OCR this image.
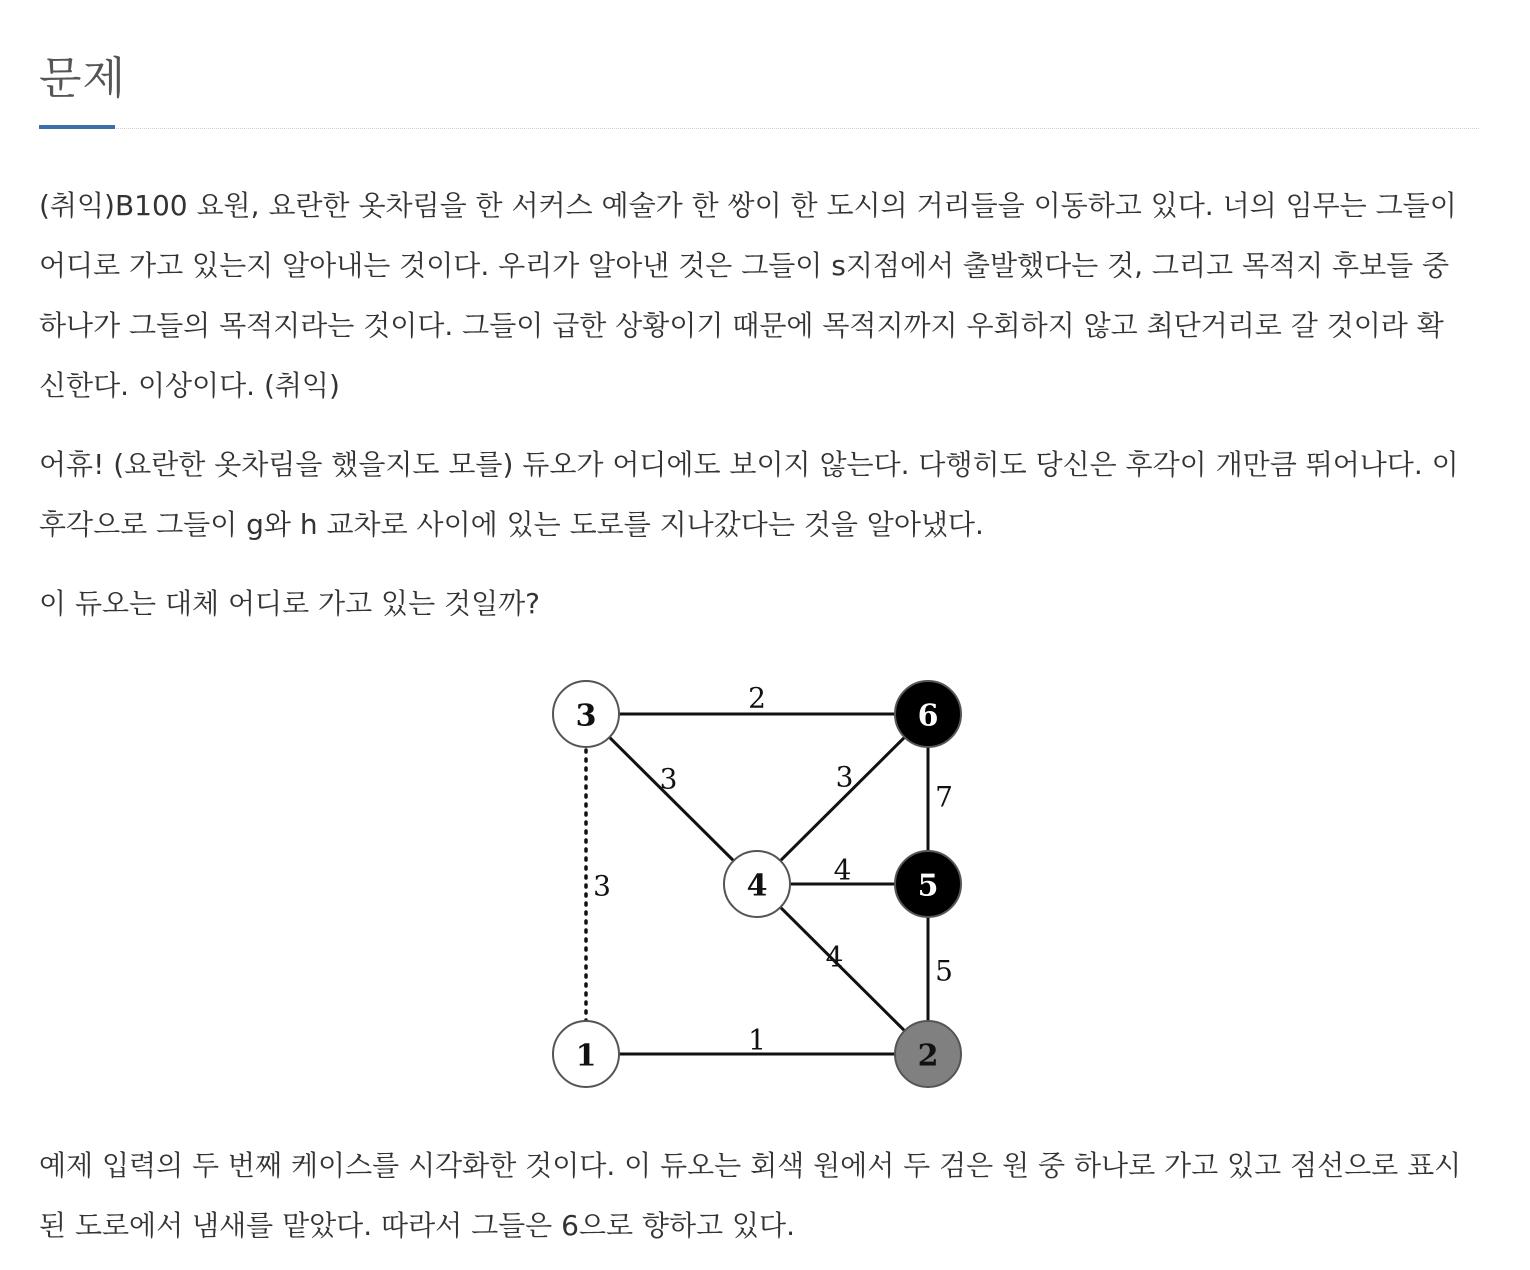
문제

(취익)B100 요원, 요란한 옷차림을 한 서커스 예술가 한 쌍이 한 도시의 거리들을 이동하고 있다. 너의 임무는 그들이
어디로 가고 있는지 알아내는 것이다. 우리가 알아낸 것은 그들이 s지점에서 출발했다는 것, 그리고 목적지 후보들 중
하나가 그들의 목적지라는 것이다. 그들이 급한 상황이기 때문에 목적지까지 우회하지 않고 최단거리로 갈 것이라 확
신한다. 이상이다. (취익)

어휴! (요란한 옷차림을 했을지도 모를) 듀오가 어디에도 보이지 않는다. 다행히도 당신은 후각이 개만큼 뛰어나다. 이
후각으로 그들이 g와 h 교차로 사이에 있는 도로를 지나갔다는 것을 알아냈다.

이 듀오는 대체 어디로 가고 있는 것일까?

2
3	3
7
4
4	5
1
3
3	6
4	5
1	2

예제 입력의 두 번째 케이스를 시각화한 것이다. 이 듀오는 회색 원에서 두 검은 원 중 하나로 가고 있고 점선으로 표시
된 도로에서 냄새를 맡았다. 따라서 그들은 6으로 향하고 있다.
